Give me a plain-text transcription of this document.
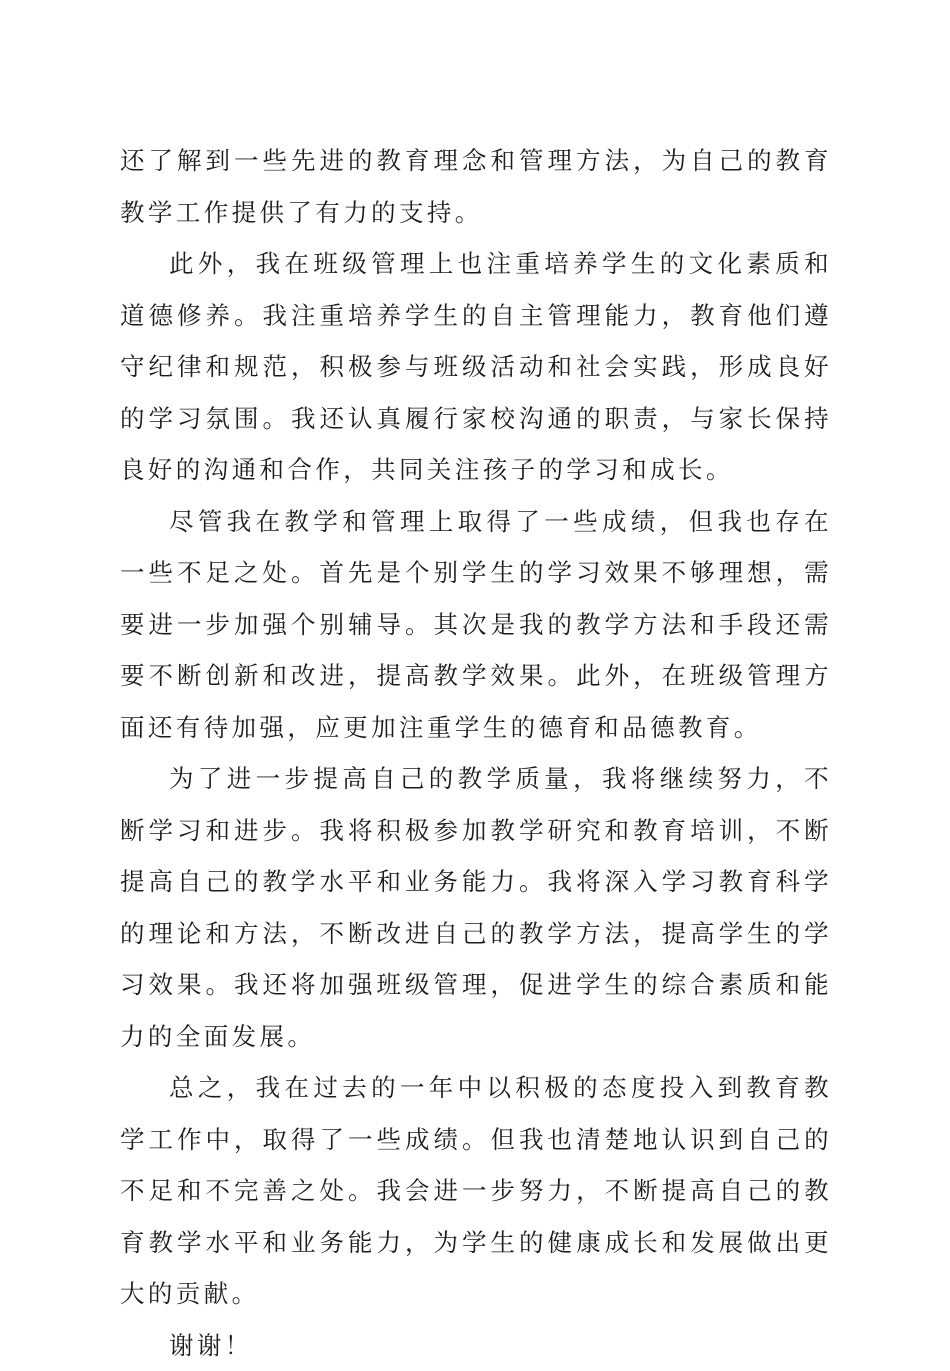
还了解到一些先进的教育理念和管理方法，为自己的教育教学工作提供了有力的支持。

此外，我在班级管理上也注重培养学生的文化素质和道德修养。我注重培养学生的自主管理能力，教育他们遵守纪律和规范，积极参与班级活动和社会实践，形成良好的学习氛围。我还认真履行家校沟通的职责，与家长保持良好的沟通和合作，共同关注孩子的学习和成长。

尽管我在教学和管理上取得了一些成绩，但我也存在一些不足之处。首先是个别学生的学习效果不够理想，需要进一步加强个别辅导。其次是我的教学方法和手段还需要不断创新和改进，提高教学效果。此外，在班级管理方面还有待加强，应更加注重学生的德育和品德教育。

为了进一步提高自己的教学质量，我将继续努力，不断学习和进步。我将积极参加教学研究和教育培训，不断提高自己的教学水平和业务能力。我将深入学习教育科学的理论和方法，不断改进自己的教学方法，提高学生的学习效果。我还将加强班级管理，促进学生的综合素质和能力的全面发展。

总之，我在过去的一年中以积极的态度投入到教育教学工作中，取得了一些成绩。但我也清楚地认识到自己的不足和不完善之处。我会进一步努力，不断提高自己的教育教学水平和业务能力，为学生的健康成长和发展做出更大的贡献。

谢谢！
